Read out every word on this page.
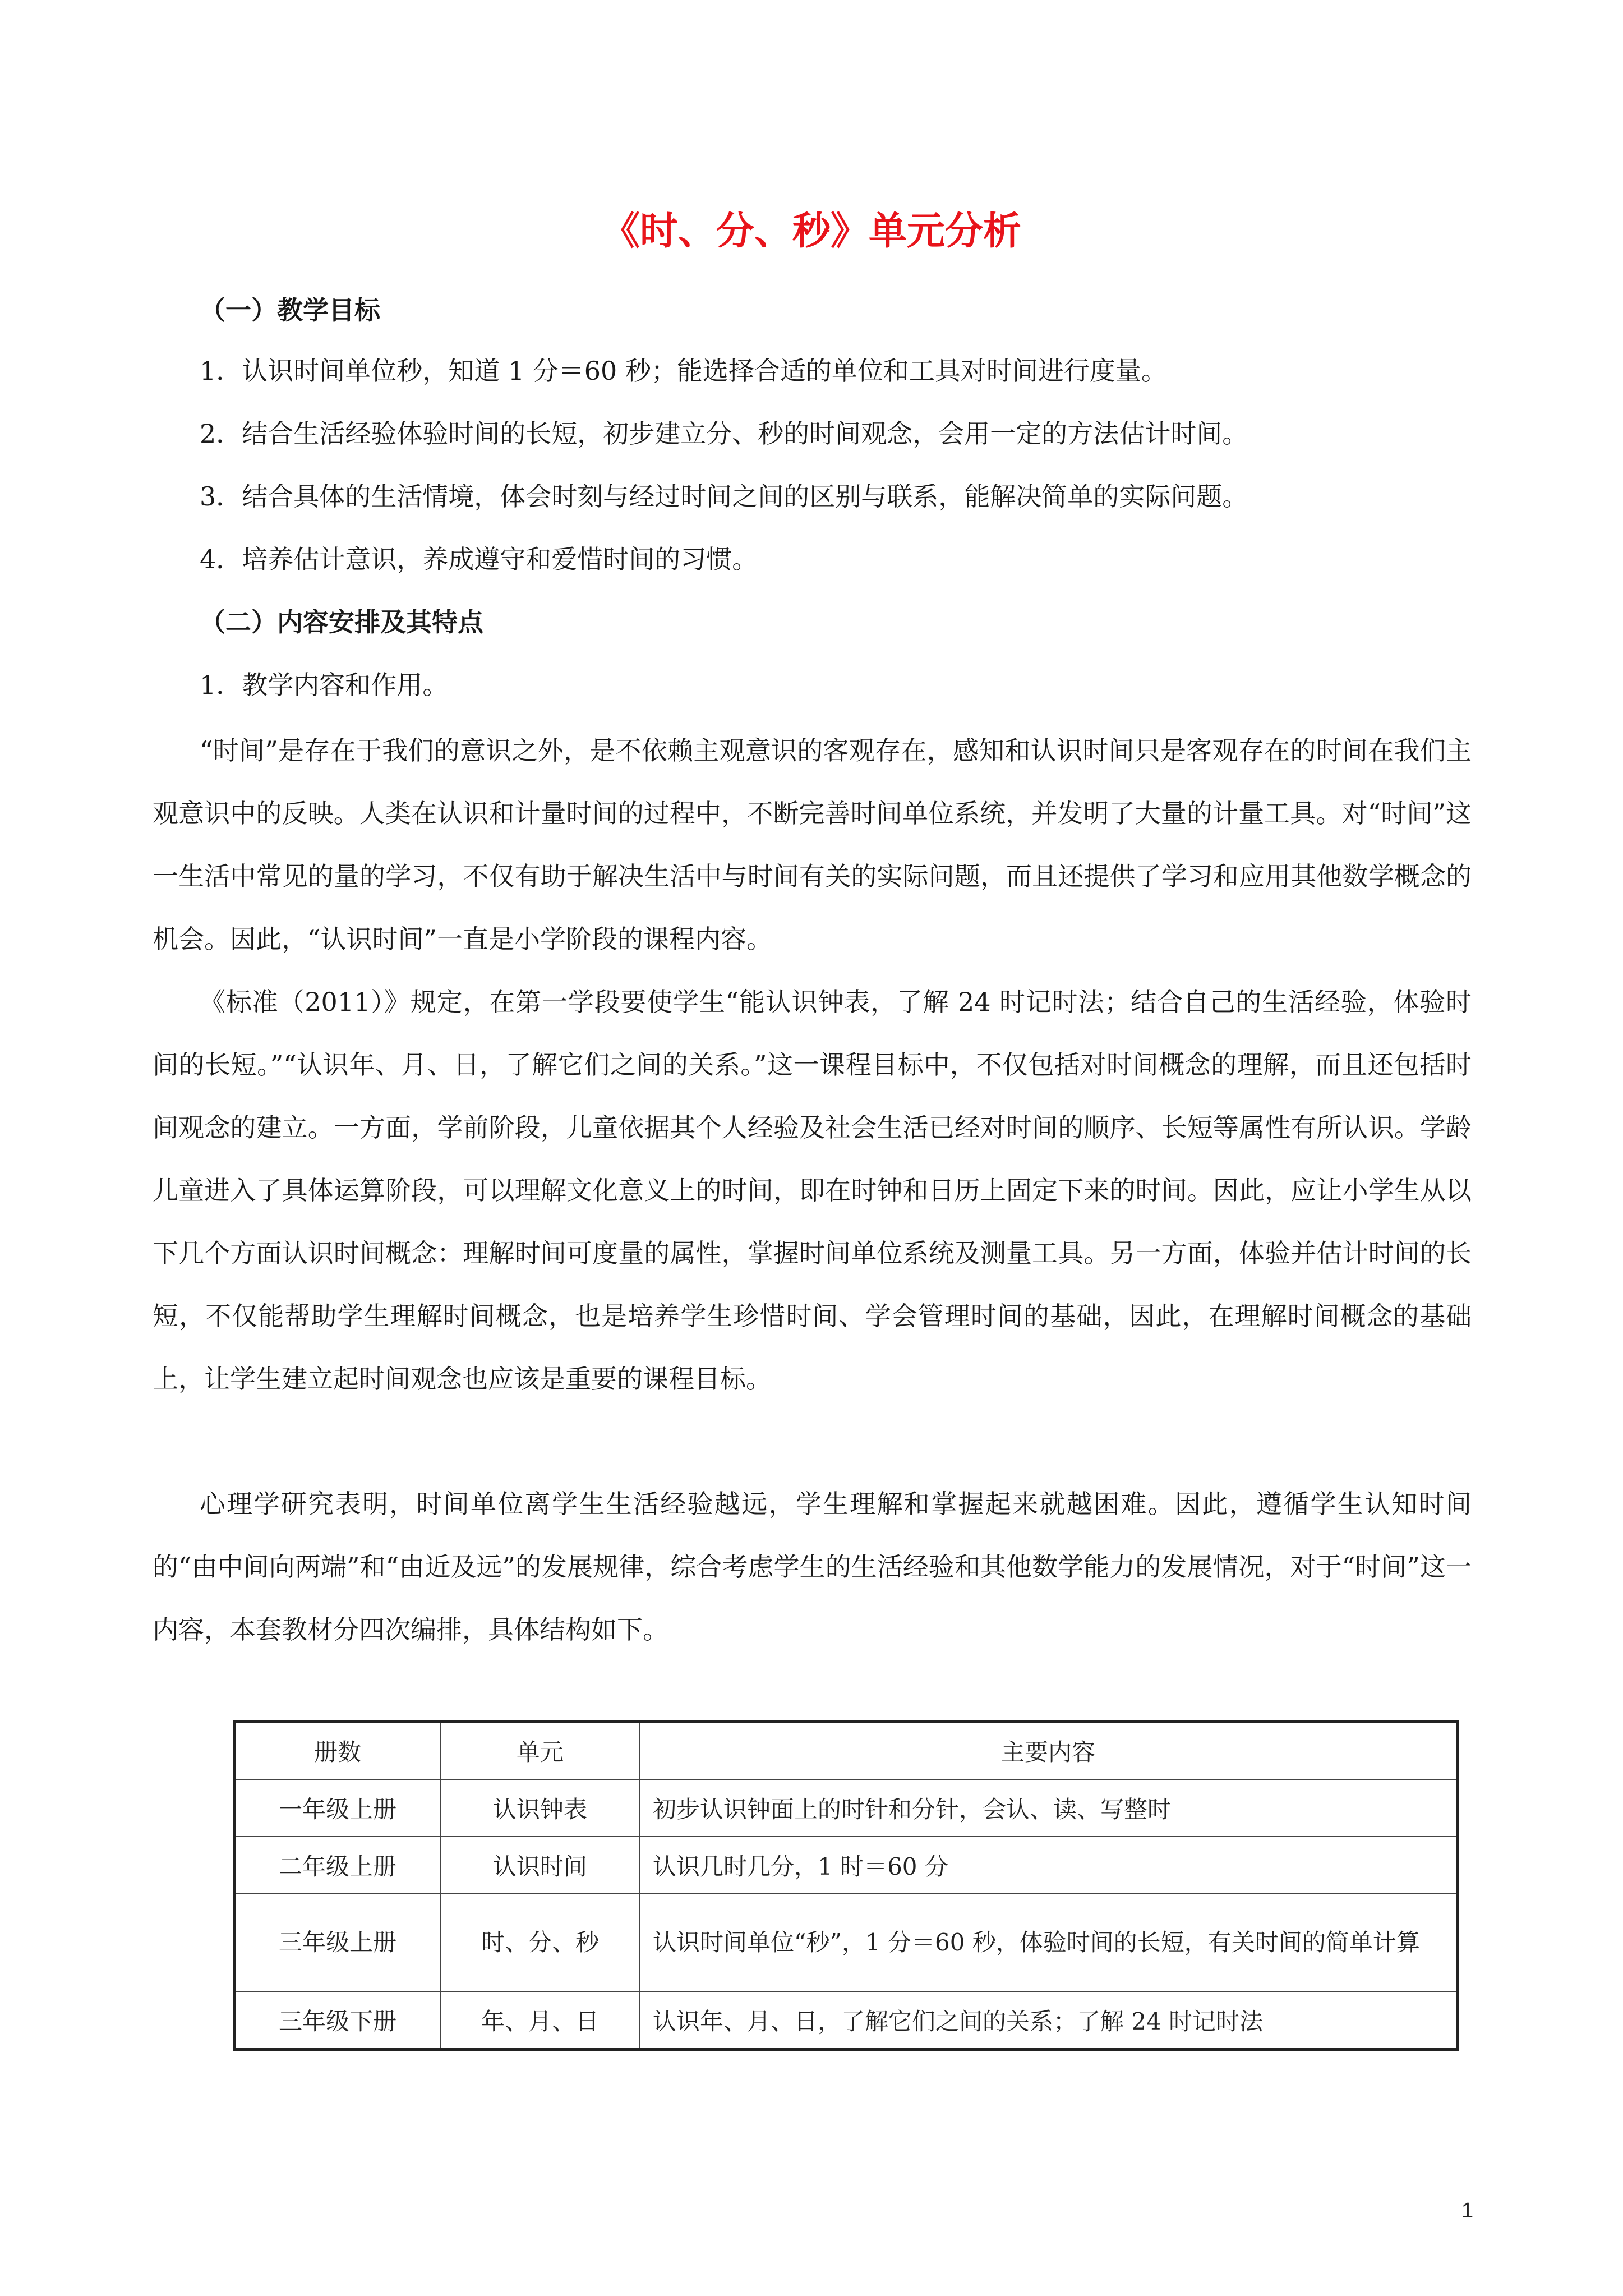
《时、分、秒》单元分析
（一）教学目标
1．认识时间单位秒，知道 1 分＝60 秒；能选择合适的单位和工具对时间进行度量。
2．结合生活经验体验时间的长短，初步建立分、秒的时间观念，会用一定的方法估计时间。
3．结合具体的生活情境，体会时刻与经过时间之间的区别与联系，能解决简单的实际问题。
4．培养估计意识，养成遵守和爱惜时间的习惯。
（二）内容安排及其特点
1．教学内容和作用。
“时间”是存在于我们的意识之外，是不依赖主观意识的客观存在，感知和认识时间只是客观存在的时间在我们主观意识中的反映。人类在认识和计量时间的过程中，不断完善时间单位系统，并发明了大量的计量工具。对“时间”这一生活中常见的量的学习，不仅有助于解决生活中与时间有关的实际问题，而且还提供了学习和应用其他数学概念的机会。因此，“认识时间”一直是小学阶段的课程内容。
《标准（2011）》规定，在第一学段要使学生“能认识钟表，了解 24 时记时法；结合自己的生活经验，体验时间的长短。”“认识年、月、日，了解它们之间的关系。”这一课程目标中，不仅包括对时间概念的理解，而且还包括时间观念的建立。一方面，学前阶段，儿童依据其个人经验及社会生活已经对时间的顺序、长短等属性有所认识。学龄儿童进入了具体运算阶段，可以理解文化意义上的时间，即在时钟和日历上固定下来的时间。因此，应让小学生从以下几个方面认识时间概念：理解时间可度量的属性，掌握时间单位系统及测量工具。另一方面，体验并估计时间的长短，不仅能帮助学生理解时间概念，也是培养学生珍惜时间、学会管理时间的基础，因此，在理解时间概念的基础上，让学生建立起时间观念也应该是重要的课程目标。
心理学研究表明，时间单位离学生生活经验越远，学生理解和掌握起来就越困难。因此，遵循学生认知时间的“由中间向两端”和“由近及远”的发展规律，综合考虑学生的生活经验和其他数学能力的发展情况，对于“时间”这一内容，本套教材分四次编排，具体结构如下。
册数	单元	主要内容
一年级上册	认识钟表	初步认识钟面上的时针和分针，会认、读、写整时
二年级上册	认识时间	认识几时几分，1 时＝60 分
三年级上册	时、分、秒	认识时间单位“秒”，1 分＝60 秒，体验时间的长短，有关时间的简单计算
三年级下册	年、月、日	认识年、月、日，了解它们之间的关系；了解 24 时记时法
1
